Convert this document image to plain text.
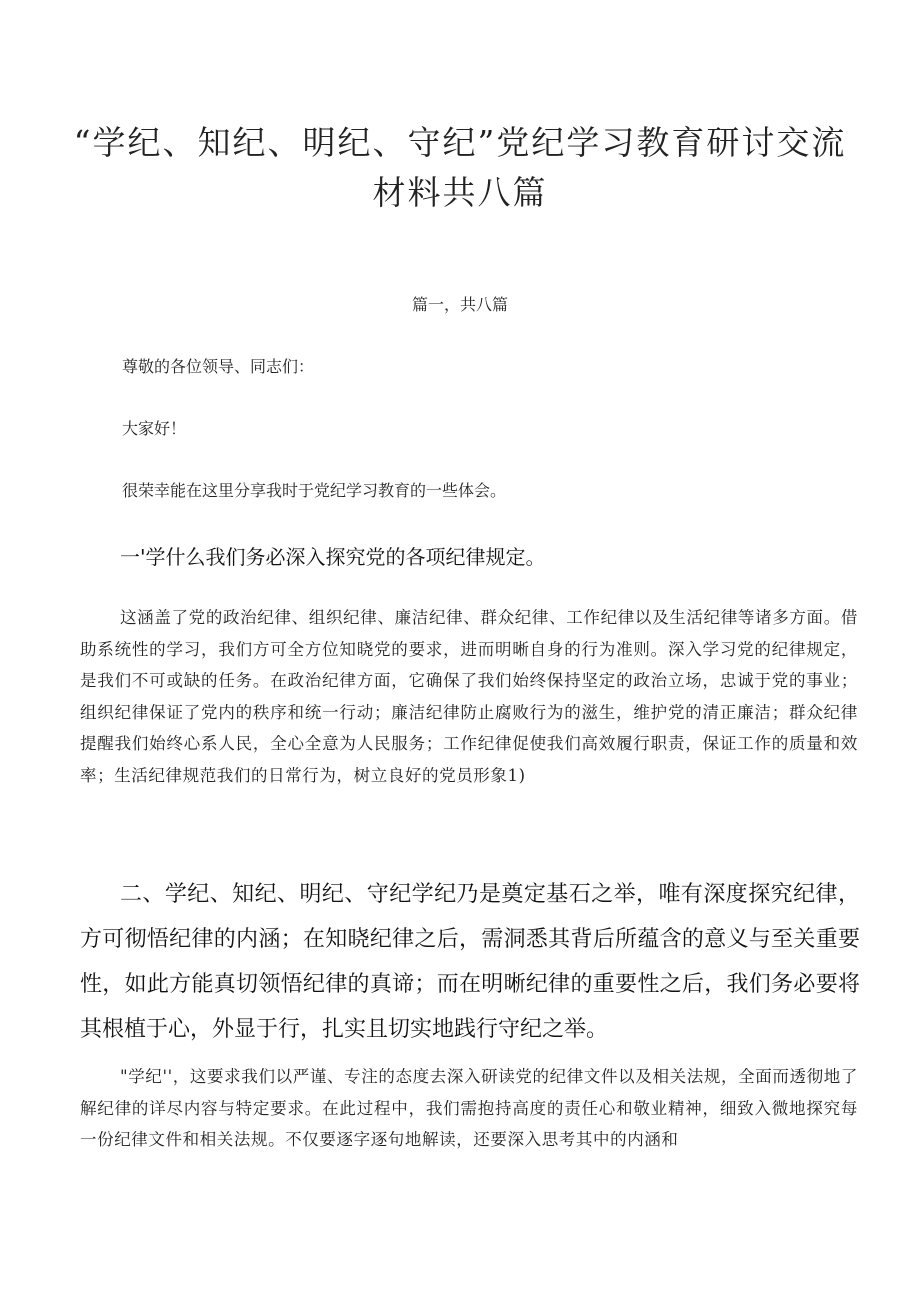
“学纪、知纪、明纪、守纪”党纪学习教育研讨交流材料共八篇

篇一，共八篇

尊敬的各位领导、同志们：

大家好！

很荣幸能在这里分享我时于党纪学习教育的一些体会。

一'学什么我们务必深入探究党的各项纪律规定。

这涵盖了党的政治纪律、组织纪律、廉洁纪律、群众纪律、工作纪律以及生活纪律等诸多方面。借助系统性的学习，我们方可全方位知晓党的要求，进而明晰自身的行为准则。深入学习党的纪律规定，是我们不可或缺的任务。在政治纪律方面，它确保了我们始终保持坚定的政治立场，忠诚于党的事业；组织纪律保证了党内的秩序和统一行动；廉洁纪律防止腐败行为的滋生，维护党的清正廉洁；群众纪律提醒我们始终心系人民，全心全意为人民服务；工作纪律促使我们高效履行职责，保证工作的质量和效率；生活纪律规范我们的日常行为，树立良好的党员形象1)

二、学纪、知纪、明纪、守纪学纪乃是奠定基石之举，唯有深度探究纪律，方可彻悟纪律的内涵；在知晓纪律之后，需洞悉其背后所蕴含的意义与至关重要性，如此方能真切领悟纪律的真谛；而在明晰纪律的重要性之后，我们务必要将其根植于心，外显于行，扎实且切实地践行守纪之举。

"学纪''，这要求我们以严谨、专注的态度去深入研读党的纪律文件以及相关法规，全面而透彻地了解纪律的详尽内容与特定要求。在此过程中，我们需抱持高度的责任心和敬业精神，细致入微地探究每一份纪律文件和相关法规。不仅要逐字逐句地解读，还要深入思考其中的内涵和
